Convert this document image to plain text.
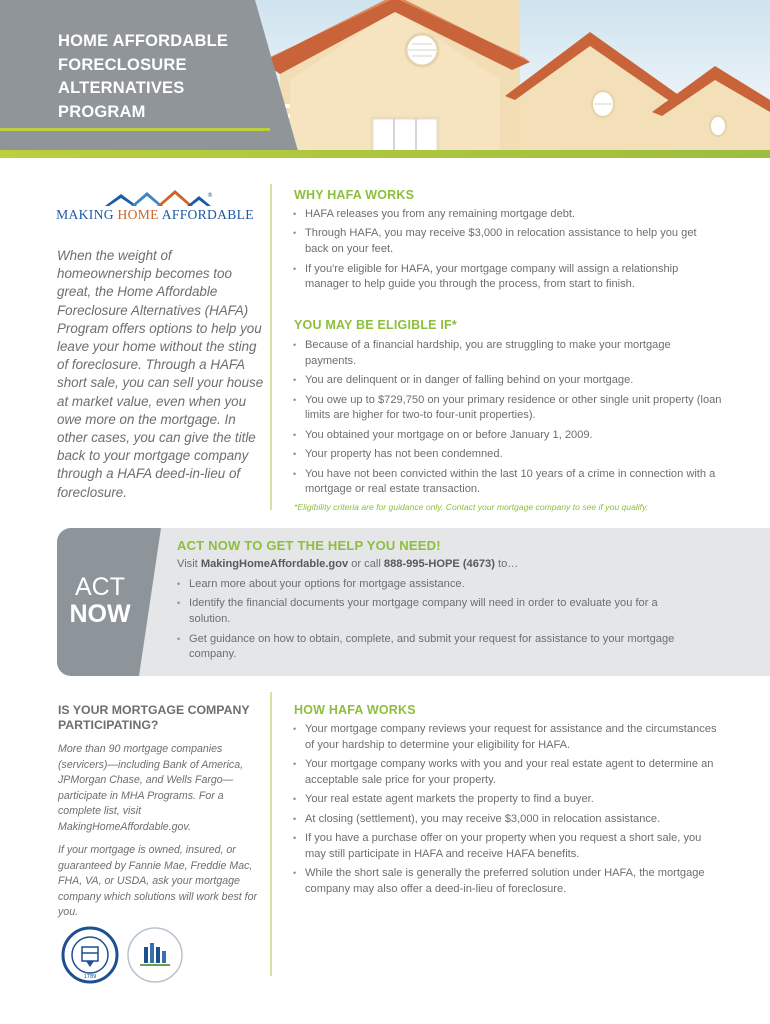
HOME AFFORDABLE
FORECLOSURE
ALTERNATIVES
PROGRAM
®
MAKING HOME AFFORDABLE

When the weight of homeownership becomes too great, the Home Affordable Foreclosure Alternatives (HAFA) Program offers options to help you leave your home without the sting of foreclosure. Through a HAFA short sale, you can sell your house at market value, even when you owe more on the mortgage. In other cases, you can give the title back to your mortgage company through a HAFA deed-in-lieu of foreclosure.

WHY HAFA WORKS
• HAFA releases you from any remaining mortgage debt.
• Through HAFA, you may receive $3,000 in relocation assistance to help you get back on your feet.
• If you're eligible for HAFA, your mortgage company will assign a relationship manager to help guide you through the process, from start to finish.
YOU MAY BE ELIGIBLE IF*
• Because of a financial hardship, you are struggling to make your mortgage payments.
• You are delinquent or in danger of falling behind on your mortgage.
• You owe up to $729,750 on your primary residence or other single unit property (loan limits are higher for two-to four-unit properties).
• You obtained your mortgage on or before January 1, 2009.
• Your property has not been condemned.
• You have not been convicted within the last 10 years of a crime in connection with a mortgage or real estate transaction.

*Eligibility criteria are for guidance only. Contact your mortgage company to see if you qualify.

ACT
NOW
ACT NOW TO GET THE HELP YOU NEED!

Visit MakingHomeAffordable.gov or call 888-995-HOPE (4673) to…

• Learn more about your options for mortgage assistance.
• Identify the financial documents your mortgage company will need in order to evaluate you for a solution.
• Get guidance on how to obtain, complete, and submit your request for assistance to your mortgage company.
IS YOUR MORTGAGE COMPANY PARTICIPATING?

More than 90 mortgage companies (servicers)—including Bank of America, JPMorgan Chase, and Wells Fargo—participate in MHA Programs. For a complete list, visit MakingHomeAffordable.gov.

If your mortgage is owned, insured, or guaranteed by Fannie Mae, Freddie Mac, FHA, VA, or USDA, ask your mortgage company which solutions will work best for you.

HOW HAFA WORKS
• Your mortgage company reviews your request for assistance and the circumstances of your hardship to determine your eligibility for HAFA.
• Your mortgage company works with you and your real estate agent to determine an acceptable sale price for your property.
• Your real estate agent markets the property to find a buyer.
• At closing (settlement), you may receive $3,000 in relocation assistance.
• If you have a purchase offer on your property when you request a short sale, you may still participate in HAFA and receive HAFA benefits.
• While the short sale is generally the preferred solution under HAFA, the mortgage company may also offer a deed-in-lieu of foreclosure.
1789
